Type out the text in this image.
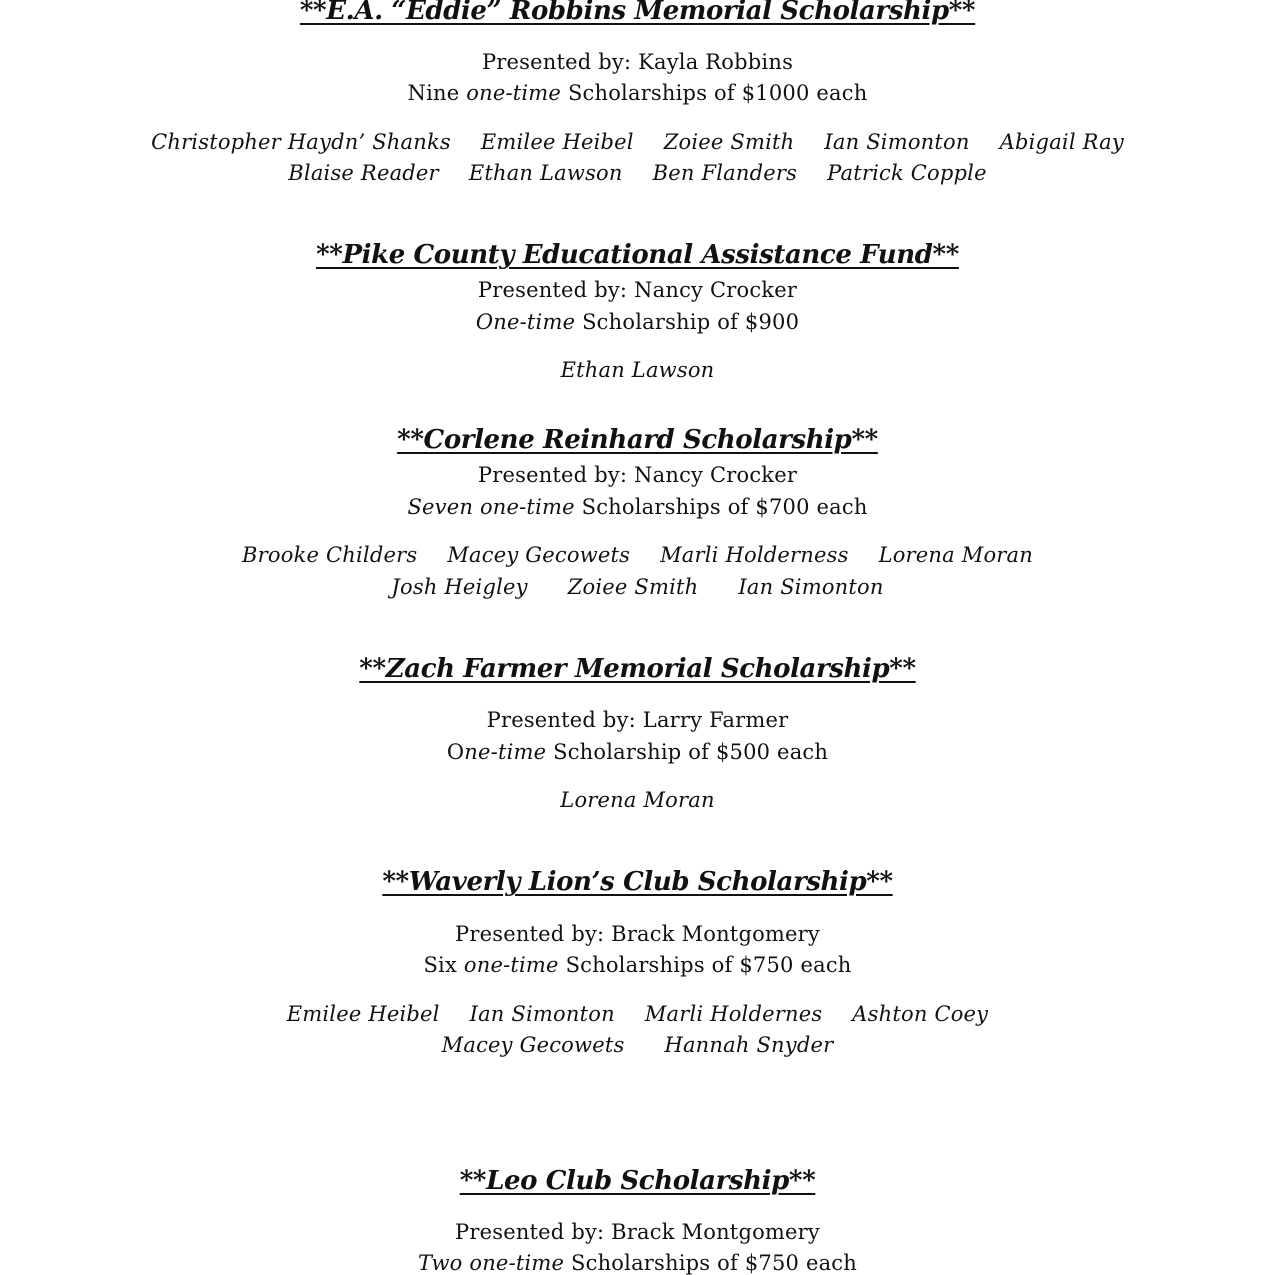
**E.A. “Eddie” Robbins Memorial Scholarship**
Presented by: Kayla Robbins
Nine one-time Scholarships of $1000 each
Christopher Haydn’ Shanks Emilee Heibel Zoiee Smith Ian Simonton Abigail Ray
Blaise Reader Ethan Lawson Ben Flanders Patrick Copple
**Pike County Educational Assistance Fund**
Presented by: Nancy Crocker
One-time Scholarship of $900
Ethan Lawson
**Corlene Reinhard Scholarship**
Presented by: Nancy Crocker
Seven one-time Scholarships of $700 each
Brooke Childers Macey Gecowets Marli Holderness Lorena Moran
Josh Heigley Zoiee Smith Ian Simonton
**Zach Farmer Memorial Scholarship**
Presented by: Larry Farmer
One-time Scholarship of $500 each
Lorena Moran
**Waverly Lion’s Club Scholarship**
Presented by: Brack Montgomery
Six one-time Scholarships of $750 each
Emilee Heibel Ian Simonton Marli Holdernes Ashton Coey
Macey Gecowets Hannah Snyder
**Leo Club Scholarship**
Presented by: Brack Montgomery
Two one-time Scholarships of $750 each
